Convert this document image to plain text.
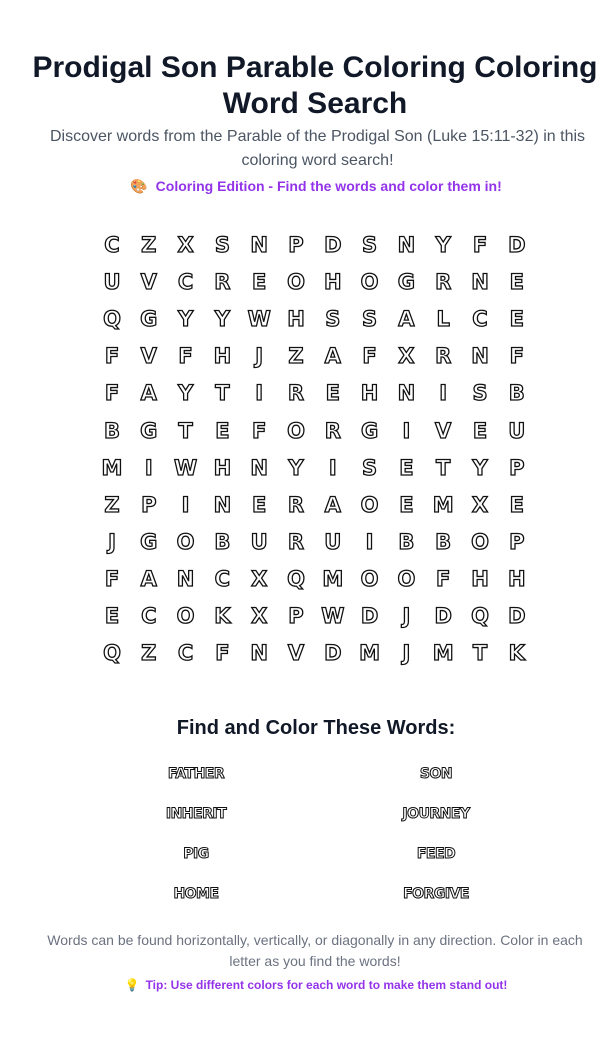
Prodigal Son Parable Coloring Coloring Word Search

Discover words from the Parable of the Prodigal Son (Luke 15:11-32) in this coloring word search!

🎨 Coloring Edition - Find the words and color them in!

C	Z	X	S N P D S N Y	F D
U V C	R	E O H O G R N E
Q G Y	Y W H S	S	A	L	C	E
F	V	F H	J	Z	A	F	X R N F
F	A	Y	T	I	R	E H N	I	S	B
B G	T	E	F O R G	I	V	E	U
M	I	W H N Y	I	S	E	T	Y	P
Z	P	I	N E	R A O E M X	E
J	G O B U R U	I	B B O P
F	A N C X Q M O O F H H
E	C O K X	P W D	J	D Q D
Q Z	C	F N V D M	J	M T	K
Find and Color These Words:
FATHER	SON
INHERIT	JOURNEY
PIG	FEED
HOME	FORGIVE

Words can be found horizontally, vertically, or diagonally in any direction. Color in each letter as you find the words!

💡 Tip: Use different colors for each word to make them stand out!
